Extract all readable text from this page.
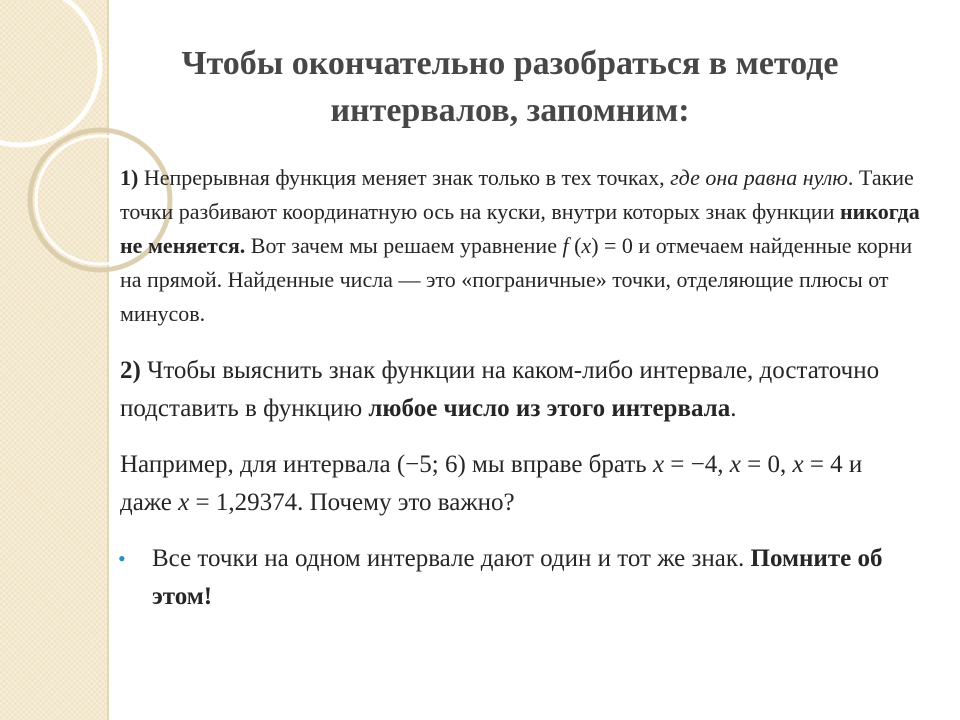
Чтобы окончательно разобраться в методе
интервалов, запомним:

1) Непрерывная функция меняет знак только в тех точках, где она равна нулю. Такие точки разбивают координатную ось на куски, внутри которых знак функции никогда не меняется. Вот зачем мы решаем уравнение f (x) = 0 и отмечаем найденные корни на прямой. Найденные числа — это «пограничные» точки, отделяющие плюсы от минусов.

2) Чтобы выяснить знак функции на каком-либо интервале, достаточно подставить в функцию любое число из этого интервала.

Например, для интервала (−5; 6) мы вправе брать x = −4, x = 0, x = 4 и даже x = 1,29374. Почему это важно?

• Все точки на одном интервале дают один и тот же знак. Помните об этом!
